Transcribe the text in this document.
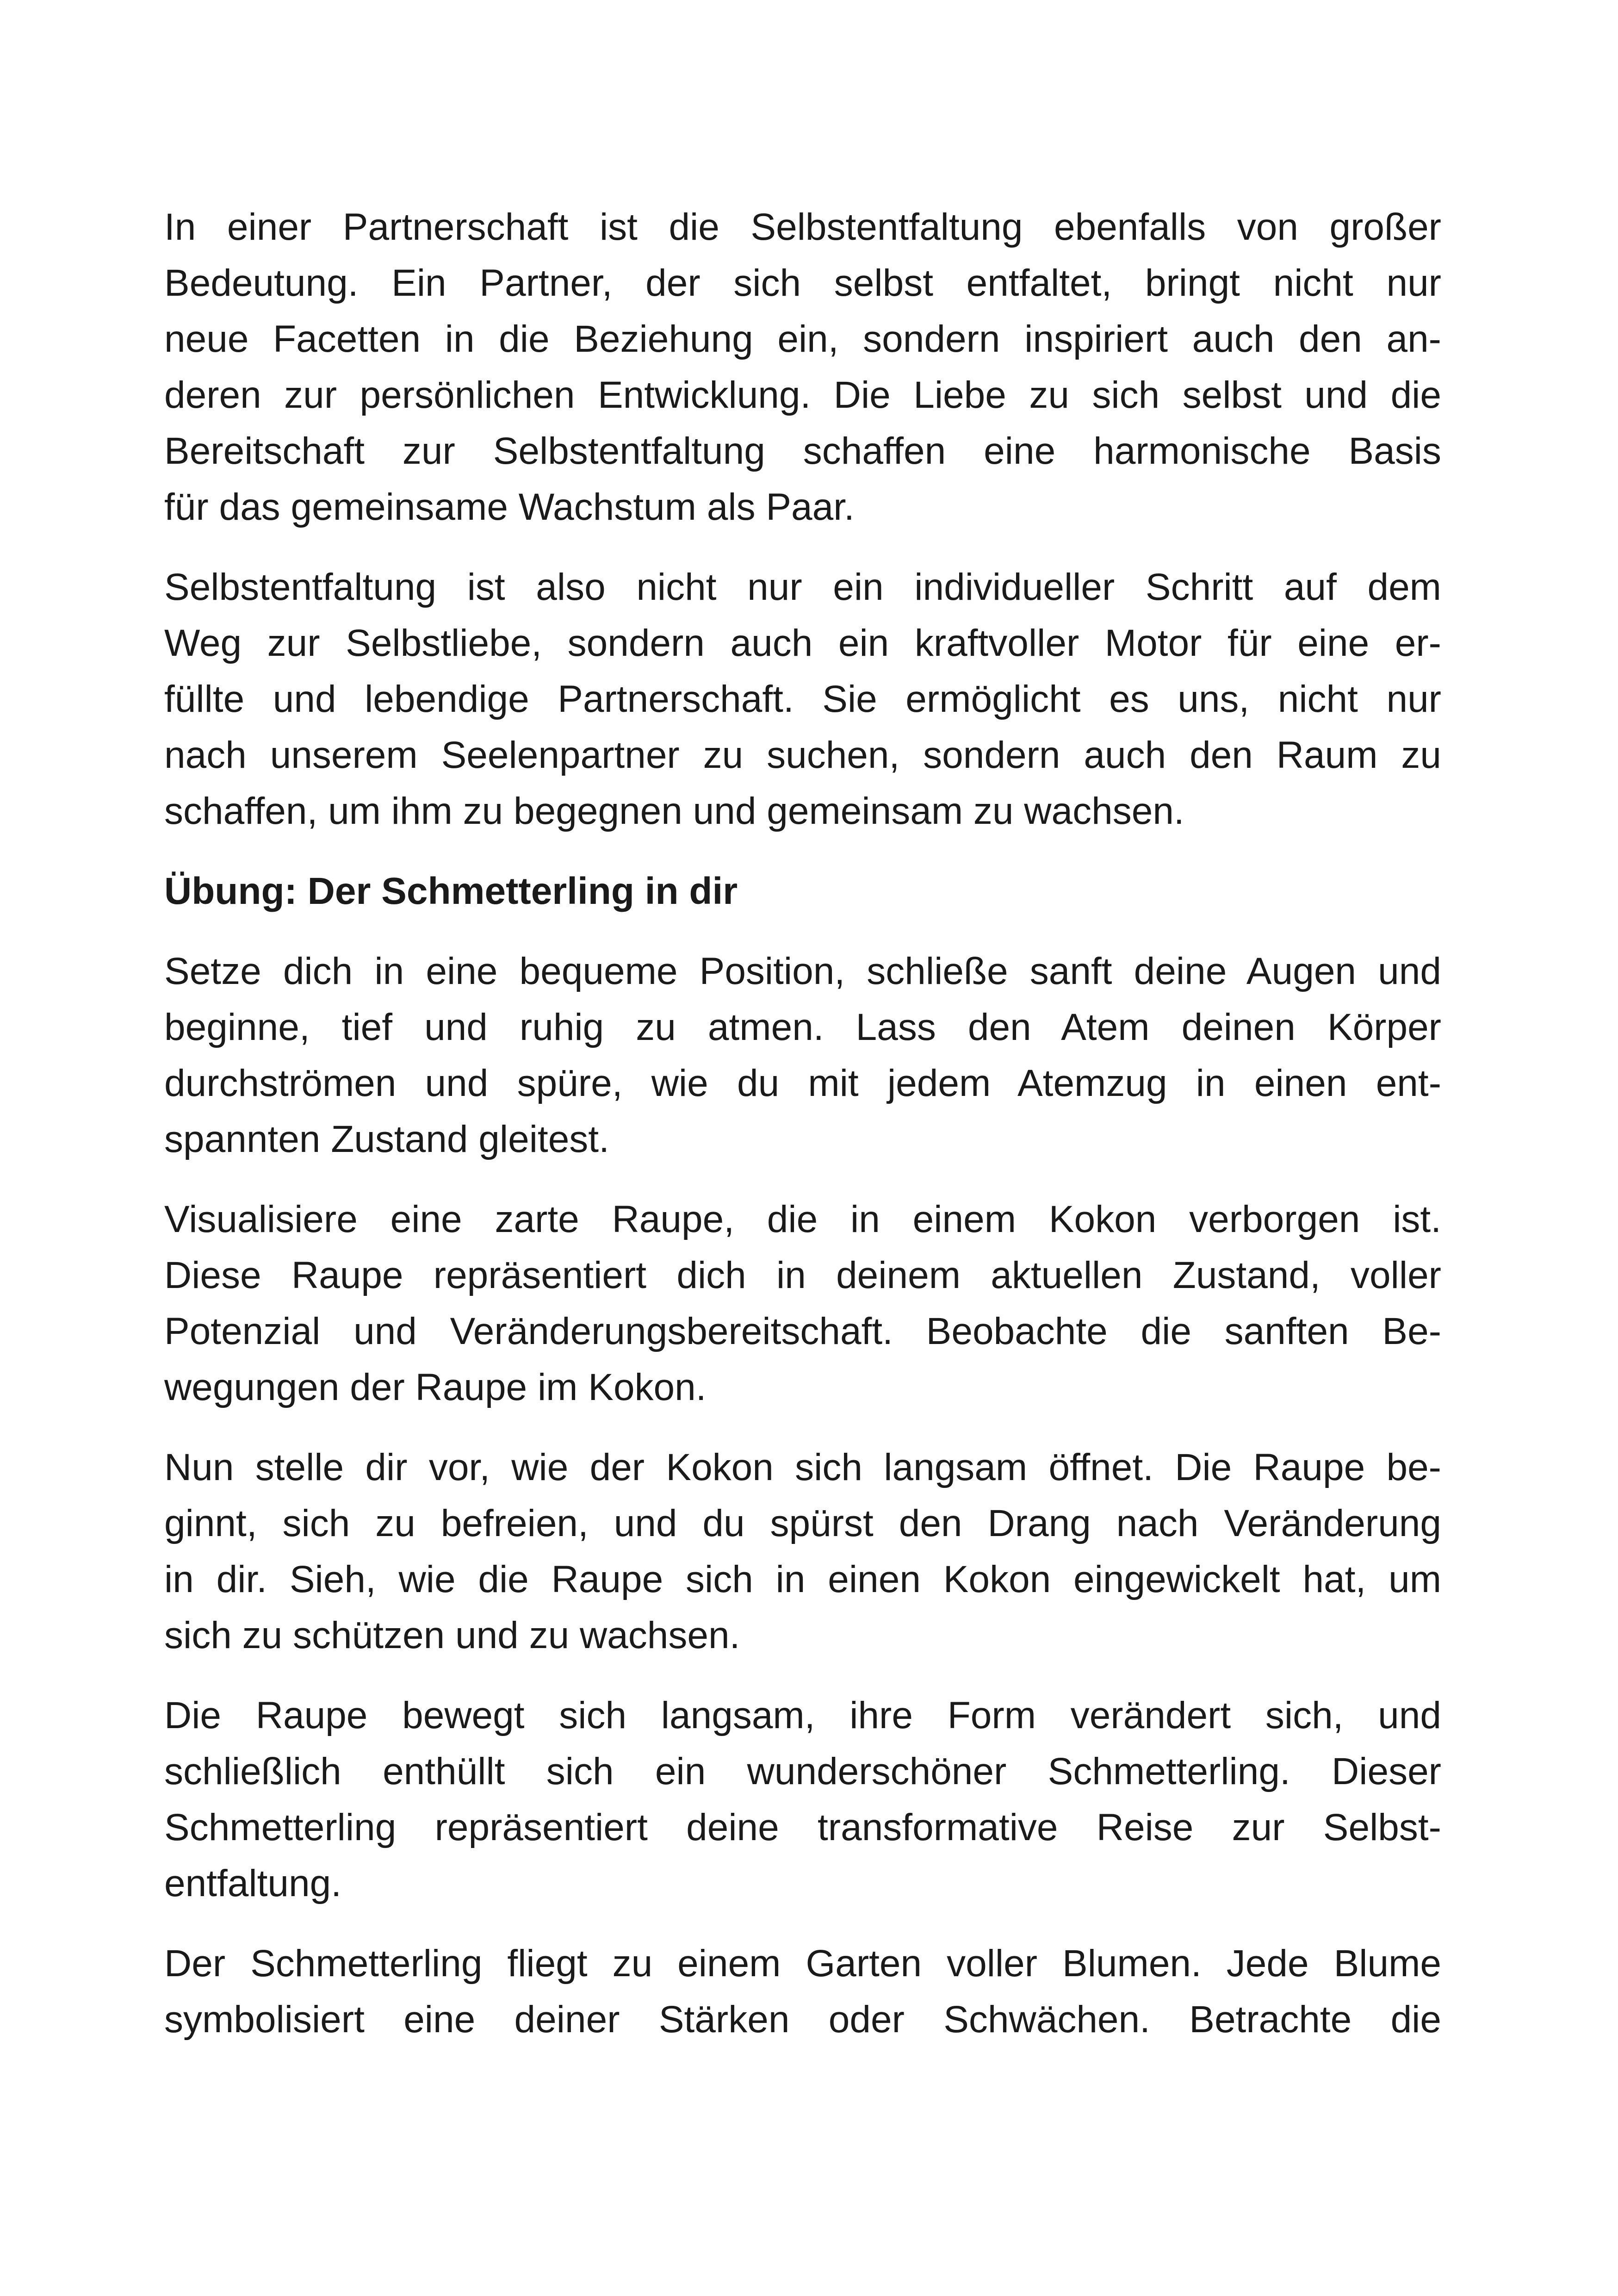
In einer Partnerschaft ist die Selbstentfaltung ebenfalls von großer
Bedeutung. Ein Partner, der sich selbst entfaltet, bringt nicht nur
neue Facetten in die Beziehung ein, sondern inspiriert auch den an-
deren zur persönlichen Entwicklung. Die Liebe zu sich selbst und die
Bereitschaft zur Selbstentfaltung schaffen eine harmonische Basis
für das gemeinsame Wachstum als Paar.

Selbstentfaltung ist also nicht nur ein individueller Schritt auf dem
Weg zur Selbstliebe, sondern auch ein kraftvoller Motor für eine er-
füllte und lebendige Partnerschaft. Sie ermöglicht es uns, nicht nur
nach unserem Seelenpartner zu suchen, sondern auch den Raum zu
schaffen, um ihm zu begegnen und gemeinsam zu wachsen.

Übung: Der Schmetterling in dir

Setze dich in eine bequeme Position, schließe sanft deine Augen und
beginne, tief und ruhig zu atmen. Lass den Atem deinen Körper
durchströmen und spüre, wie du mit jedem Atemzug in einen ent-
spannten Zustand gleitest.

Visualisiere eine zarte Raupe, die in einem Kokon verborgen ist.
Diese Raupe repräsentiert dich in deinem aktuellen Zustand, voller
Potenzial und Veränderungsbereitschaft. Beobachte die sanften Be-
wegungen der Raupe im Kokon.

Nun stelle dir vor, wie der Kokon sich langsam öffnet. Die Raupe be-
ginnt, sich zu befreien, und du spürst den Drang nach Veränderung
in dir. Sieh, wie die Raupe sich in einen Kokon eingewickelt hat, um
sich zu schützen und zu wachsen.

Die Raupe bewegt sich langsam, ihre Form verändert sich, und
schließlich enthüllt sich ein wunderschöner Schmetterling. Dieser
Schmetterling repräsentiert deine transformative Reise zur Selbst-
entfaltung.

Der Schmetterling fliegt zu einem Garten voller Blumen. Jede Blume
symbolisiert eine deiner Stärken oder Schwächen. Betrachte die
